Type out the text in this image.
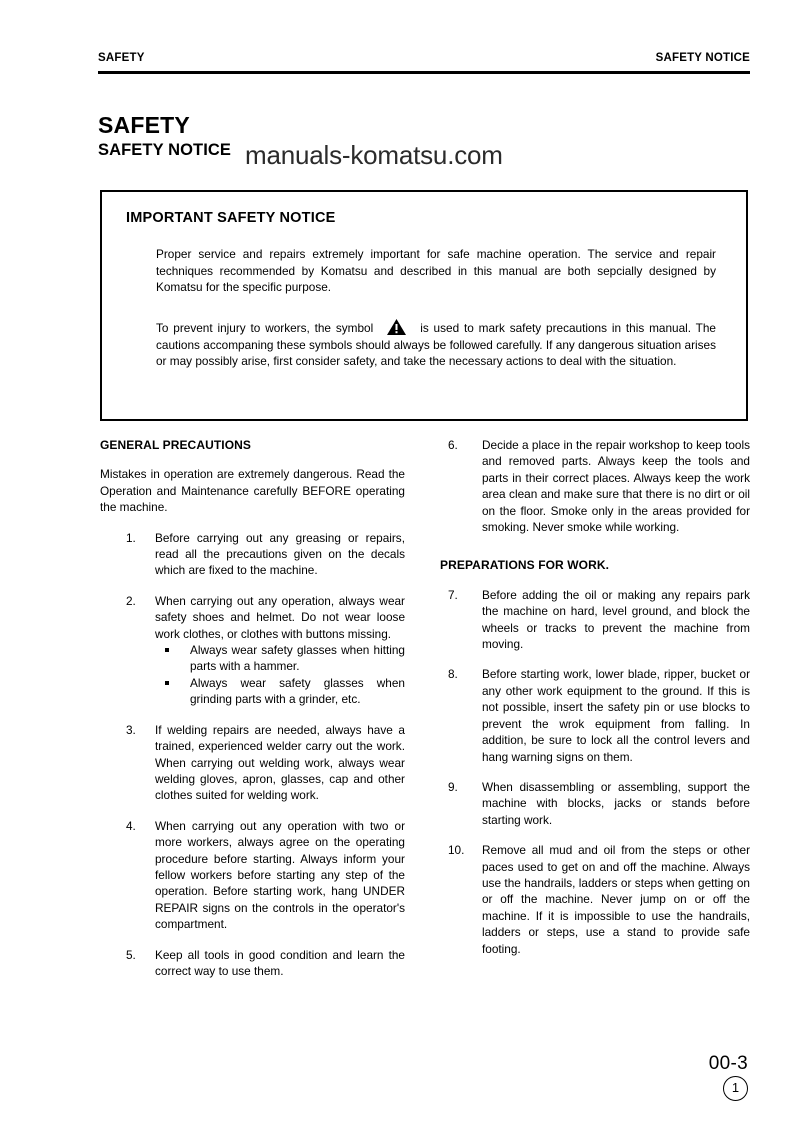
SAFETY	SAFETY NOTICE
SAFETY
SAFETY NOTICE manuals-komatsu.com
IMPORTANT SAFETY NOTICE
Proper service and repairs extremely important for safe machine operation. The service and repair techniques recommended by Komatsu and described in this manual are both sepcially designed by Komatsu for the specific purpose.
To prevent injury to workers, the symbol	is used to mark safety precautions in this manual. The cautions accompaning these symbols should always be followed carefully. If any dangerous situation arises or may possibly arise, first consider safety, and take the necessary actions to deal with the situation.
GENERAL PRECAUTIONS

Mistakes in operation are extremely dangerous. Read the Operation and Maintenance carefully BEFORE operating the machine.

1. Before carrying out any greasing or repairs, read all the precautions given on the decals which are fixed to the machine.
2. When carrying out any operation, always wear safety shoes and helmet. Do not wear loose work clothes, or clothes with buttons missing.
Always wear safety glasses when hitting parts with a hammer.
Always wear safety glasses when grinding parts with a grinder, etc.
3. If welding repairs are needed, always have a trained, experienced welder carry out the work. When carrying out welding work, always wear welding gloves, apron, glasses, cap and other clothes suited for welding work.
4. When carrying out any operation with two or more workers, always agree on the operating procedure before starting. Always inform your fellow workers before starting any step of the operation. Before starting work, hang UNDER REPAIR signs on the controls in the operator's compartment.
5. Keep all tools in good condition and learn the correct way to use them.
6. Decide a place in the repair workshop to keep tools and removed parts. Always keep the tools and parts in their correct places. Always keep the work area clean and make sure that there is no dirt or oil on the floor. Smoke only in the areas provided for smoking. Never smoke while working.
PREPARATIONS FOR WORK.
7. Before adding the oil or making any repairs park the machine on hard, level ground, and block the wheels or tracks to prevent the machine from moving.
8. Before starting work, lower blade, ripper, bucket or any other work equipment to the ground. If this is not possible, insert the safety pin or use blocks to prevent the wrok equipment from falling. In addition, be sure to lock all the control levers and hang warning signs on them.
9. When disassembling or assembling, support the machine with blocks, jacks or stands before starting work.
10. Remove all mud and oil from the steps or other paces used to get on and off the machine. Always use the handrails, ladders or steps when getting on or off the machine. Never jump on or off the machine. If it is impossible to use the handrails, ladders or steps, use a stand to provide safe footing.
00-3
1
